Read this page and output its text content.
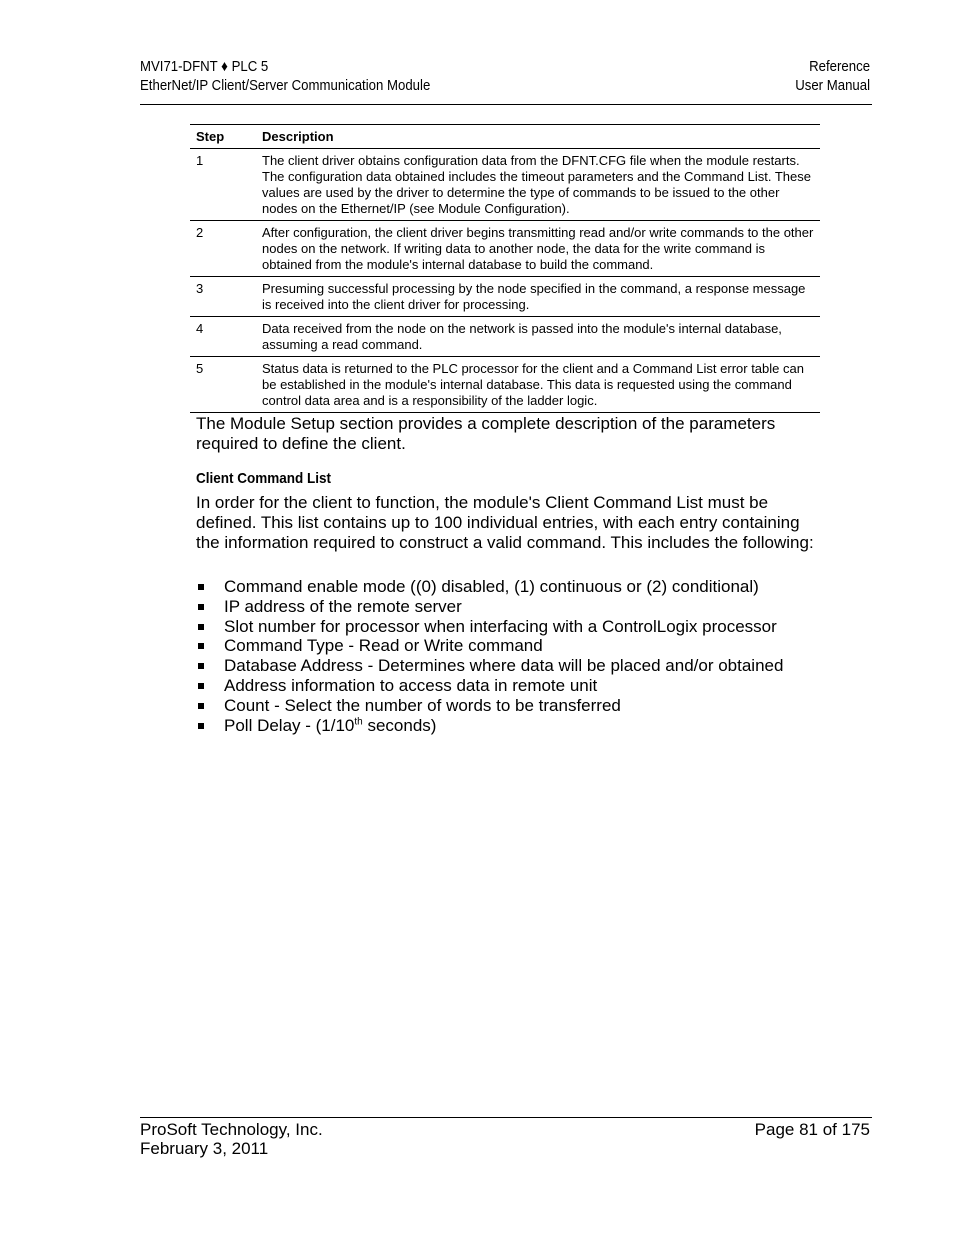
MVI71-DFNT ♦ PLC 5
EtherNet/IP Client/Server Communication Module
Reference
User Manual
Step	Description
1	The client driver obtains configuration data from the DFNT.CFG file when the module restarts. The configuration data obtained includes the timeout parameters and the Command List. These values are used by the driver to determine the type of commands to be issued to the other nodes on the Ethernet/IP (see Module Configuration).
2	After configuration, the client driver begins transmitting read and/or write commands to the other nodes on the network. If writing data to another node, the data for the write command is obtained from the module's internal database to build the command.
3	Presuming successful processing by the node specified in the command, a response message is received into the client driver for processing.
4	Data received from the node on the network is passed into the module's internal database, assuming a read command.
5	Status data is returned to the PLC processor for the client and a Command List error table can be established in the module's internal database. This data is requested using the command control data area and is a responsibility of the ladder logic.

The Module Setup section provides a complete description of the parameters required to define the client.

Client Command List

In order for the client to function, the module's Client Command List must be defined. This list contains up to 100 individual entries, with each entry containing the information required to construct a valid command. This includes the following:

Command enable mode ((0) disabled, (1) continuous or (2) conditional)
IP address of the remote server
Slot number for processor when interfacing with a ControlLogix processor
Command Type - Read or Write command
Database Address - Determines where data will be placed and/or obtained
Address information to access data in remote unit
Count - Select the number of words to be transferred
Poll Delay - (1/10th seconds)
ProSoft Technology, Inc.
February 3, 2011
Page 81 of 175
